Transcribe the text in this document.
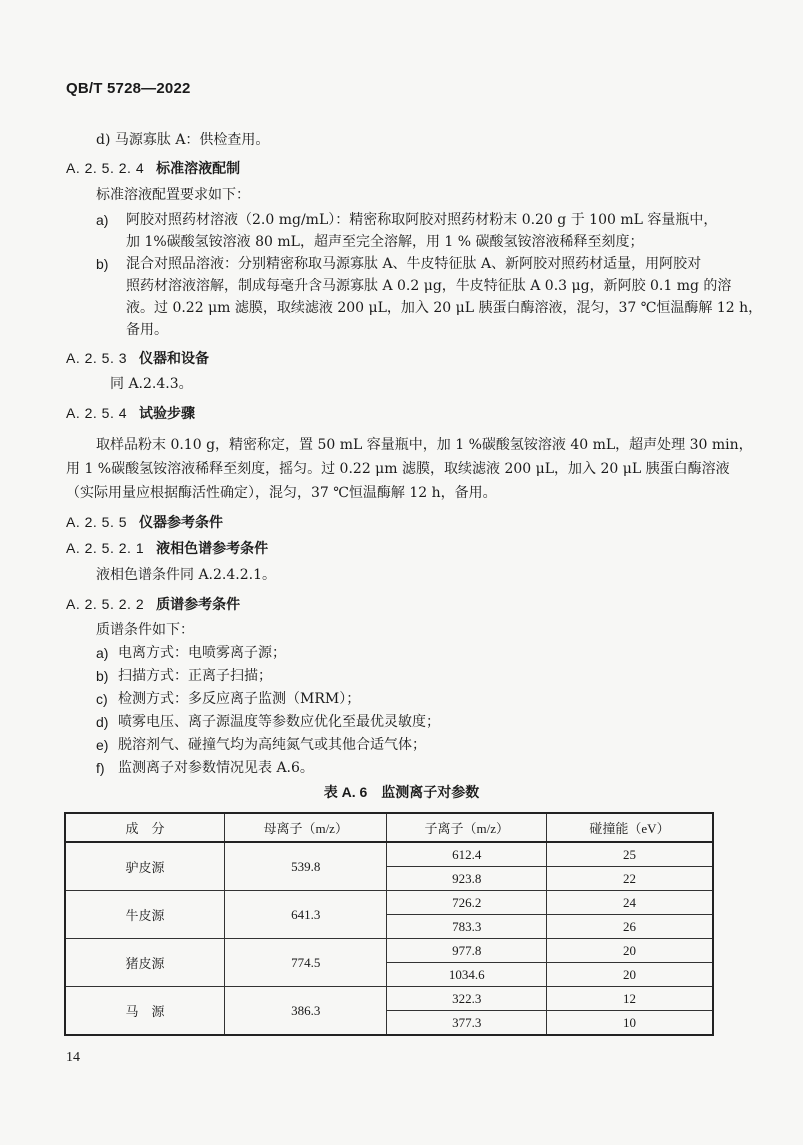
QB/T 5728—2022
d) 马源寡肽 A：供检查用。
A. 2. 5. 2. 4 标准溶液配制
标准溶液配置要求如下：
a) 阿胶对照药材溶液（2.0 mg/mL）：精密称取阿胶对照药材粉末 0.20 g 于 100 mL 容量瓶中，
加 1%碳酸氢铵溶液 80 mL，超声至完全溶解，用 1 % 碳酸氢铵溶液稀释至刻度；
b) 混合对照品溶液：分别精密称取马源寡肽 A、牛皮特征肽 A、新阿胶对照药材适量，用阿胶对
照药材溶液溶解，制成每毫升含马源寡肽 A 0.2 μg，牛皮特征肽 A 0.3 μg，新阿胶 0.1 mg 的溶
液。过 0.22 μm 滤膜，取续滤液 200 μL，加入 20 μL 胰蛋白酶溶液，混匀，37 ℃恒温酶解 12 h，
备用。
A. 2. 5. 3 仪器和设备
同 A.2.4.3。
A. 2. 5. 4 试验步骤
取样品粉末 0.10 g，精密称定，置 50 mL 容量瓶中，加 1 %碳酸氢铵溶液 40 mL，超声处理 30 min，
用 1 %碳酸氢铵溶液稀释至刻度，摇匀。过 0.22 μm 滤膜，取续滤液 200 μL，加入 20 μL 胰蛋白酶溶液
（实际用量应根据酶活性确定），混匀，37 ℃恒温酶解 12 h，备用。
A. 2. 5. 5 仪器参考条件
A. 2. 5. 2. 1 液相色谱参考条件
液相色谱条件同 A.2.4.2.1。
A. 2. 5. 2. 2 质谱参考条件
质谱条件如下：
a) 电离方式：电喷雾离子源；
b) 扫描方式：正离子扫描；
c) 检测方式：多反应离子监测（MRM）；
d) 喷雾电压、离子源温度等参数应优化至最优灵敏度；
e) 脱溶剂气、碰撞气均为高纯氮气或其他合适气体；
f) 监测离子对参数情况见表 A.6。
表 A. 6 监测离子对参数
成　分	母离子（m/z）	子离子（m/z）	碰撞能（eV）
驴皮源	539.8	612.4	25
		923.8	22
牛皮源	641.3	726.2	24
		783.3	26
猪皮源	774.5	977.8	20
		1034.6	20
马　源	386.3	322.3	12
		377.3	10
14
